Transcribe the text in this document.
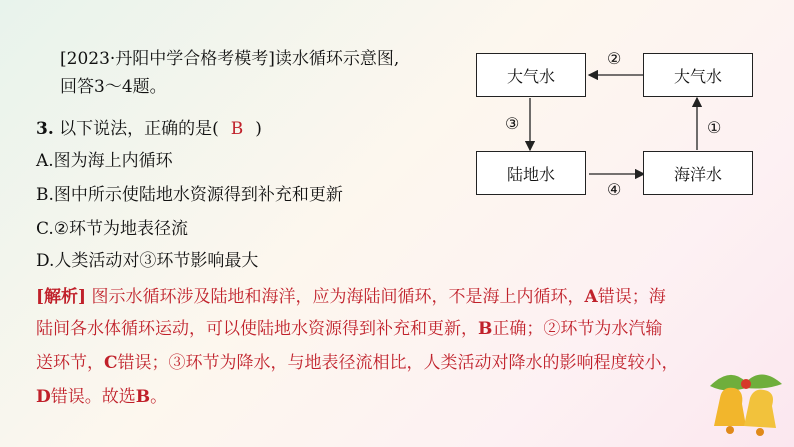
[2023·丹阳中学合格考模考]读水循环示意图,
回答3～4题。
3. 以下说法，正确的是( B )
A.图为海上内循环
B.图中所示使陆地水资源得到补充和更新
C.②环节为地表径流
D.人类活动对③环节影响最大
[解析] 图示水循环涉及陆地和海洋，应为海陆间循环，不是海上内循环，A错误；海
陆间各水体循环运动，可以使陆地水资源得到补充和更新，B正确；②环节为水汽输
送环节，C错误；③环节为降水，与地表径流相比，人类活动对降水的影响程度较小，
D错误。故选B。
大气水	大气水
陆地水	海洋水
②
③	①
④
